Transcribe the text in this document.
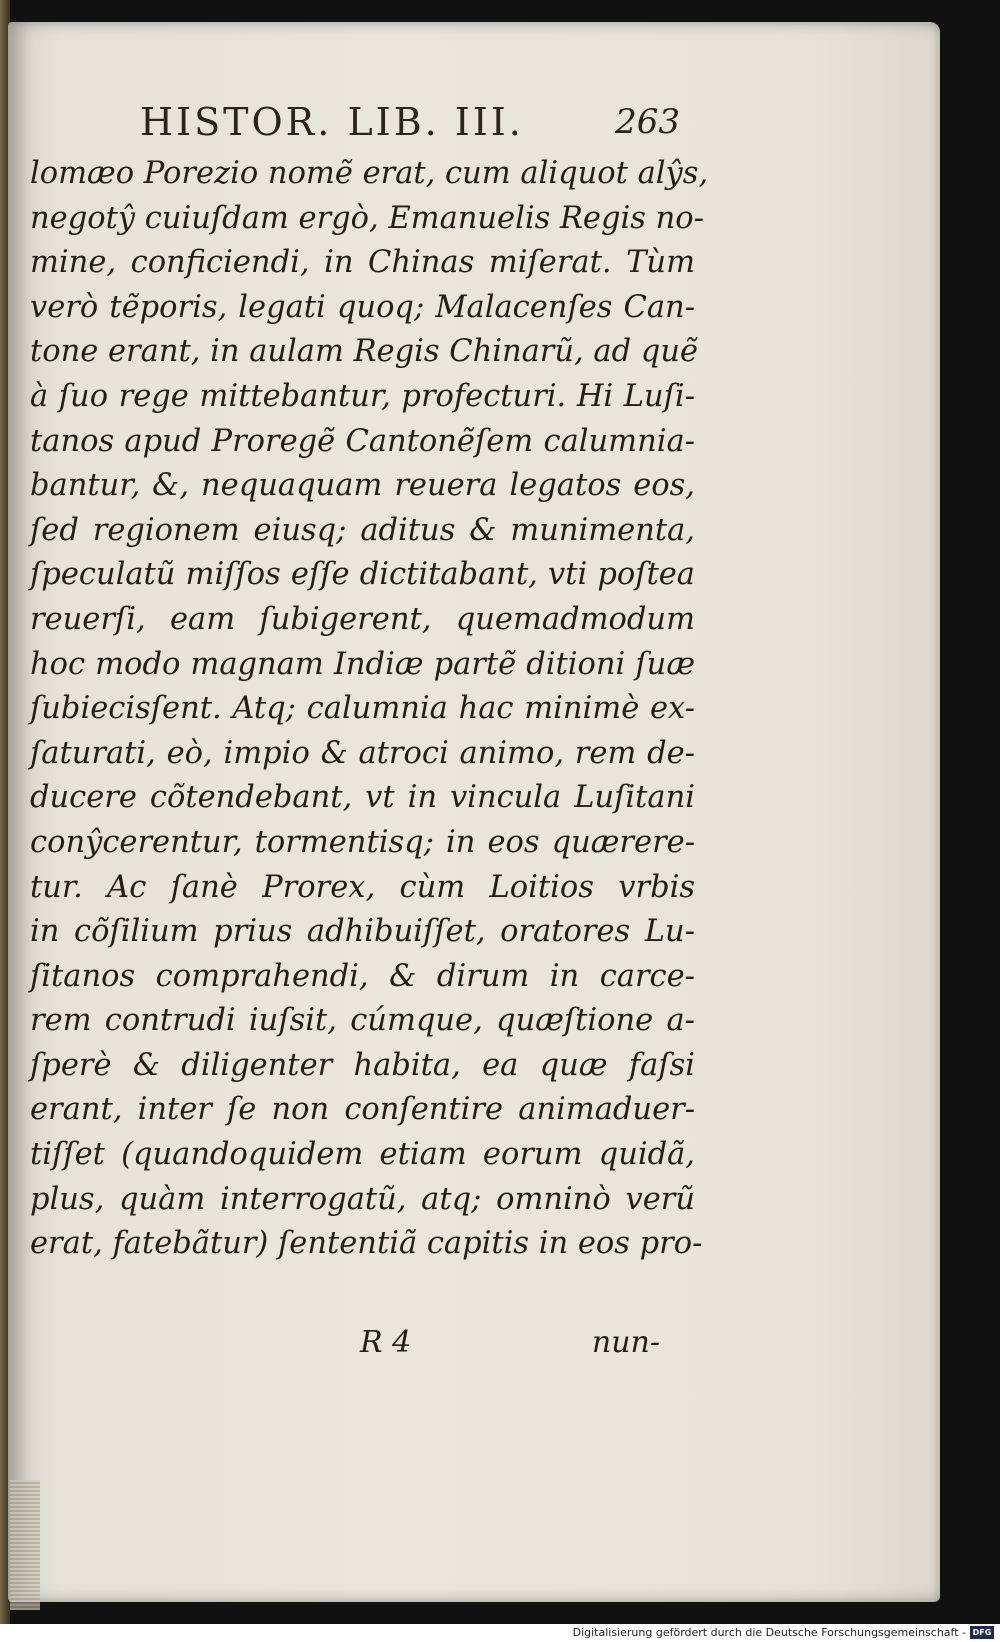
HISTOR. LIB. III.	263
lomæo Porezio nomẽ erat, cum aliquot alŷs,
negotŷ cuiuſdam ergò, Emanuelis Regis no-
mine, conficiendi, in Chinas miſerat. Tùm
verò tẽporis, legati quoq; Malacenſes Can-
tone erant, in aulam Regis Chinarũ, ad quẽ
à ſuo rege mittebantur, profecturi. Hi Luſi-
tanos apud Proregẽ Cantonẽſem calumnia-
bantur, &, nequaquam reuera legatos eos,
ſed regionem eiusq; aditus & munimenta,
ſpeculatũ miſſos eſſe dictitabant, vti poſtea
reuerſi, eam ſubigerent, quemadmodum
hoc modo magnam Indiæ partẽ ditioni ſuæ
ſubiecisſent. Atq; calumnia hac minimè ex-
ſaturati, eò, impio & atroci animo, rem de-
ducere cõtendebant, vt in vincula Luſitani
conŷcerentur, tormentisq; in eos quærere-
tur. Ac ſanè Prorex, cùm Loitios vrbis
in cõſilium prius adhibuiſſet, oratores Lu-
ſitanos comprahendi, & dirum in carce-
rem contrudi iuſsit, cúmque, quæſtione a-
ſperè & diligenter habita, ea quæ faſsi
erant, inter ſe non conſentire animaduer-
tiſſet (quandoquidem etiam eorum quidã,
plus, quàm interrogatũ, atq; omninò verũ
erat, fatebãtur) ſententiã capitis in eos pro-
R 4	nun-
Digitalisierung gefördert durch die Deutsche Forschungsgemeinschaft - DFG
